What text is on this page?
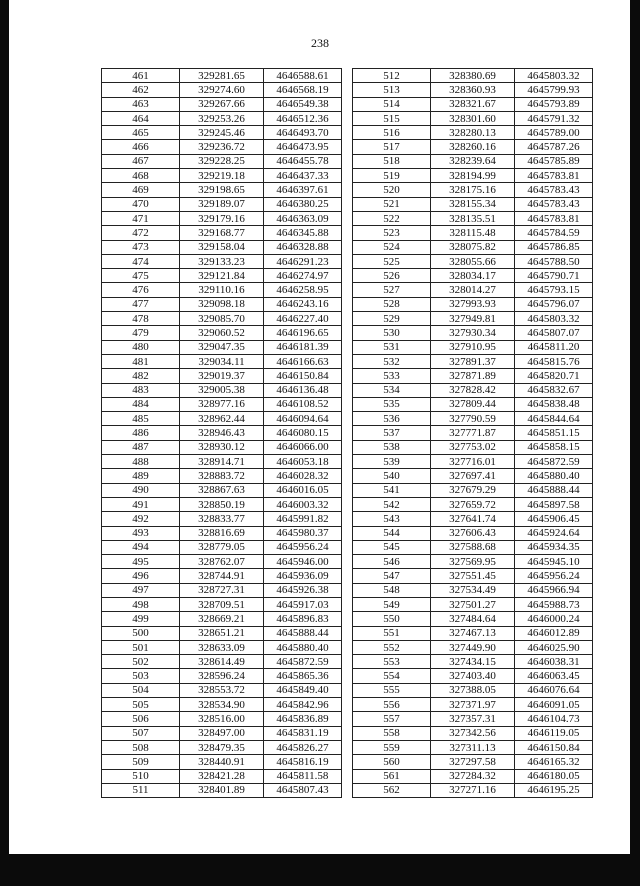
238
461	329281.65	4646588.61
462	329274.60	4646568.19
463	329267.66	4646549.38
464	329253.26	4646512.36
465	329245.46	4646493.70
466	329236.72	4646473.95
467	329228.25	4646455.78
468	329219.18	4646437.33
469	329198.65	4646397.61
470	329189.07	4646380.25
471	329179.16	4646363.09
472	329168.77	4646345.88
473	329158.04	4646328.88
474	329133.23	4646291.23
475	329121.84	4646274.97
476	329110.16	4646258.95
477	329098.18	4646243.16
478	329085.70	4646227.40
479	329060.52	4646196.65
480	329047.35	4646181.39
481	329034.11	4646166.63
482	329019.37	4646150.84
483	329005.38	4646136.48
484	328977.16	4646108.52
485	328962.44	4646094.64
486	328946.43	4646080.15
487	328930.12	4646066.00
488	328914.71	4646053.18
489	328883.72	4646028.32
490	328867.63	4646016.05
491	328850.19	4646003.32
492	328833.77	4645991.82
493	328816.69	4645980.37
494	328779.05	4645956.24
495	328762.07	4645946.00
496	328744.91	4645936.09
497	328727.31	4645926.38
498	328709.51	4645917.03
499	328669.21	4645896.83
500	328651.21	4645888.44
501	328633.09	4645880.40
502	328614.49	4645872.59
503	328596.24	4645865.36
504	328553.72	4645849.40
505	328534.90	4645842.96
506	328516.00	4645836.89
507	328497.00	4645831.19
508	328479.35	4645826.27
509	328440.91	4645816.19
510	328421.28	4645811.58
511	328401.89	4645807.43
512	328380.69	4645803.32
513	328360.93	4645799.93
514	328321.67	4645793.89
515	328301.60	4645791.32
516	328280.13	4645789.00
517	328260.16	4645787.26
518	328239.64	4645785.89
519	328194.99	4645783.81
520	328175.16	4645783.43
521	328155.34	4645783.43
522	328135.51	4645783.81
523	328115.48	4645784.59
524	328075.82	4645786.85
525	328055.66	4645788.50
526	328034.17	4645790.71
527	328014.27	4645793.15
528	327993.93	4645796.07
529	327949.81	4645803.32
530	327930.34	4645807.07
531	327910.95	4645811.20
532	327891.37	4645815.76
533	327871.89	4645820.71
534	327828.42	4645832.67
535	327809.44	4645838.48
536	327790.59	4645844.64
537	327771.87	4645851.15
538	327753.02	4645858.15
539	327716.01	4645872.59
540	327697.41	4645880.40
541	327679.29	4645888.44
542	327659.72	4645897.58
543	327641.74	4645906.45
544	327606.43	4645924.64
545	327588.68	4645934.35
546	327569.95	4645945.10
547	327551.45	4645956.24
548	327534.49	4645966.94
549	327501.27	4645988.73
550	327484.64	4646000.24
551	327467.13	4646012.89
552	327449.90	4646025.90
553	327434.15	4646038.31
554	327403.40	4646063.45
555	327388.05	4646076.64
556	327371.97	4646091.05
557	327357.31	4646104.73
558	327342.56	4646119.05
559	327311.13	4646150.84
560	327297.58	4646165.32
561	327284.32	4646180.05
562	327271.16	4646195.25
